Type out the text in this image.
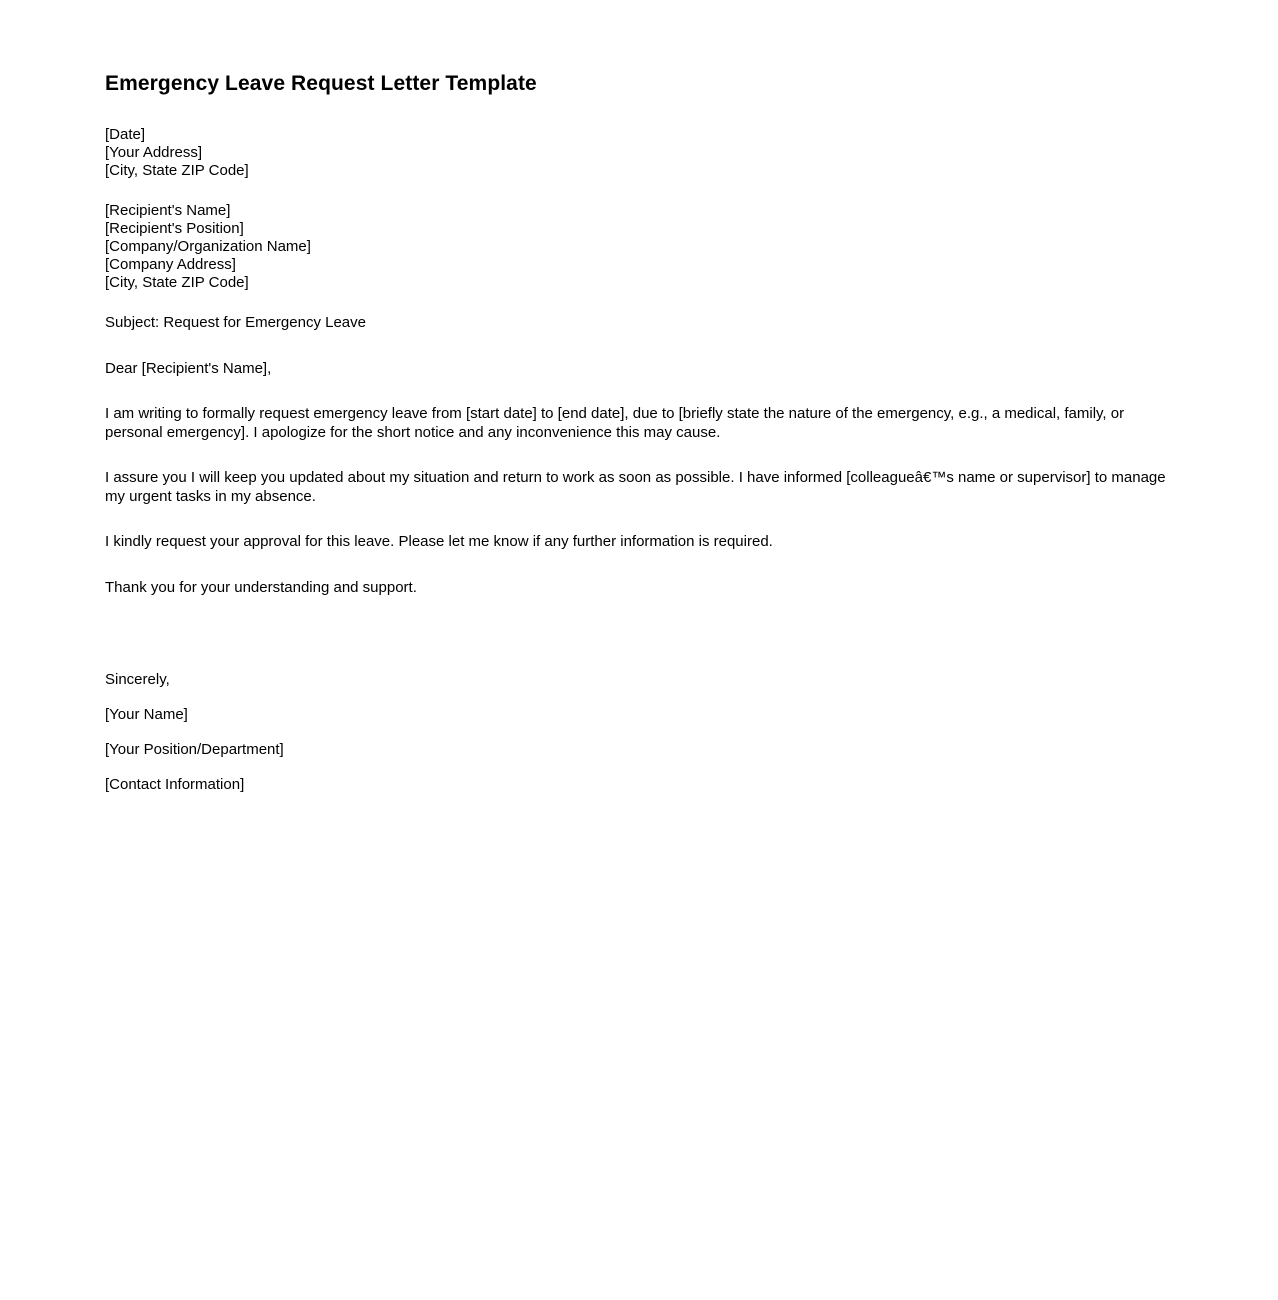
Emergency Leave Request Letter Template
[Date]
[Your Address]
[City, State ZIP Code]
[Recipient's Name]
[Recipient's Position]
[Company/Organization Name]
[Company Address]
[City, State ZIP Code]
Subject: Request for Emergency Leave
Dear [Recipient's Name],

I am writing to formally request emergency leave from [start date] to [end date], due to [briefly state the nature of the emergency, e.g., a medical, family, or personal emergency]. I apologize for the short notice and any inconvenience this may cause.

I assure you I will keep you updated about my situation and return to work as soon as possible. I have informed [colleagueâ€™s name or supervisor] to manage my urgent tasks in my absence.

I kindly request your approval for this leave. Please let me know if any further information is required.

Thank you for your understanding and support.

Sincerely,
[Your Name]
[Your Position/Department]
[Contact Information]
